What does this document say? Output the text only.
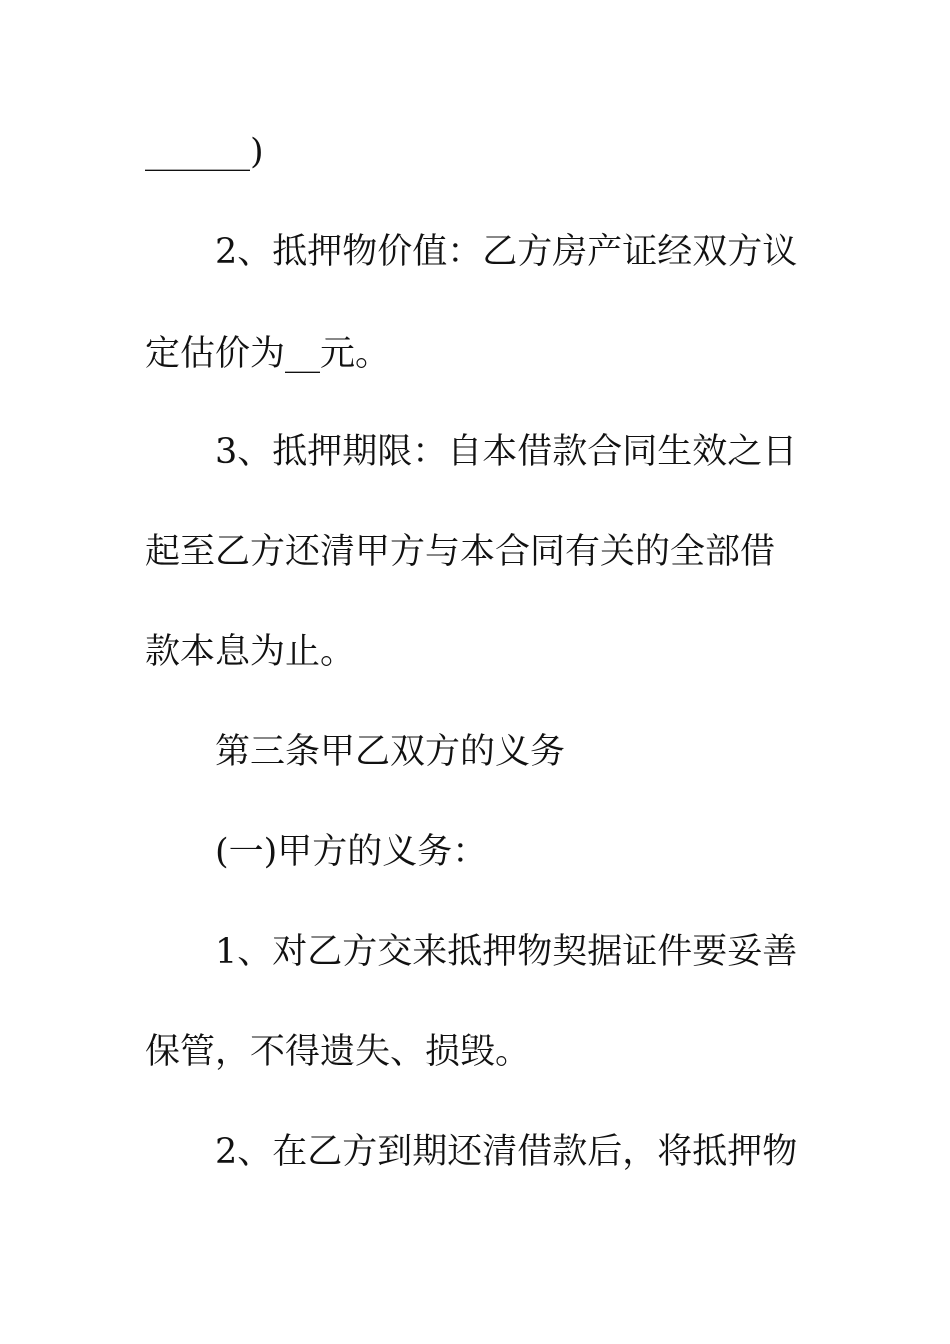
______)
2、抵押物价值：乙方房产证经双方议
定估价为__元。
3、抵押期限：自本借款合同生效之日
起至乙方还清甲方与本合同有关的全部借
款本息为止。
第三条甲乙双方的义务
(一)甲方的义务：
1、对乙方交来抵押物契据证件要妥善
保管，不得遗失、损毁。
2、在乙方到期还清借款后，将抵押物
